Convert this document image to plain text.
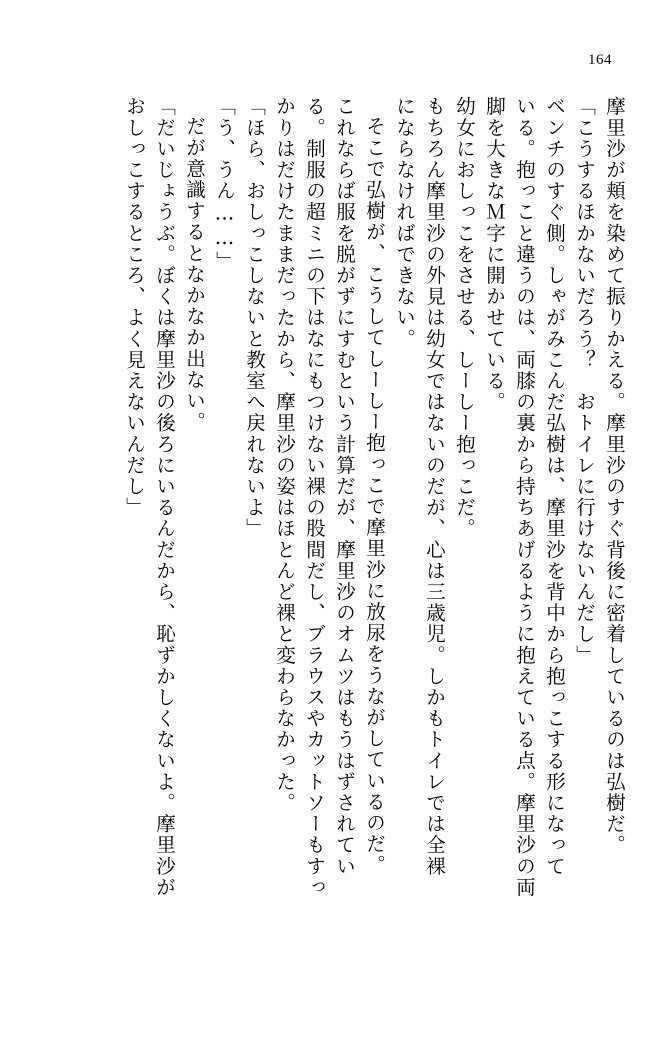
164
摩里沙が頬を染めて振りかえる。摩里沙のすぐ背後に密着しているのは弘樹だ。
「こうするほかないだろう？　おトイレに行けないんだし」
ベンチのすぐ側。しゃがみこんだ弘樹は、摩里沙を背中から抱っこする形になって
いる。抱っこと違うのは、両膝の裏から持ちあげるように抱えている点。摩里沙の両
脚を大きなＭ字に開かせている。
幼女におしっこをさせる、しーしー抱っこだ。
もちろん摩里沙の外見は幼女ではないのだが、心は三歳児。しかもトイレでは全裸
にならなければできない。
そこで弘樹が、こうしてしーしー抱っこで摩里沙に放尿をうながしているのだ。
これならば服を脱がずにすむという計算だが、摩里沙のオムツはもうはずされてい
る。制服の超ミニの下はなにもつけない裸の股間だし、ブラウスやカットソーもすっ
かりはだけたままだったから、摩里沙の姿はほとんど裸と変わらなかった。
「ほら、おしっこしないと教室へ戻れないよ」
「う、うん……」
だが意識するとなかなか出ない。
「だいじょうぶ。ぼくは摩里沙の後ろにいるんだから、恥ずかしくないよ。摩里沙が
おしっこするところ、よく見えないんだし」
